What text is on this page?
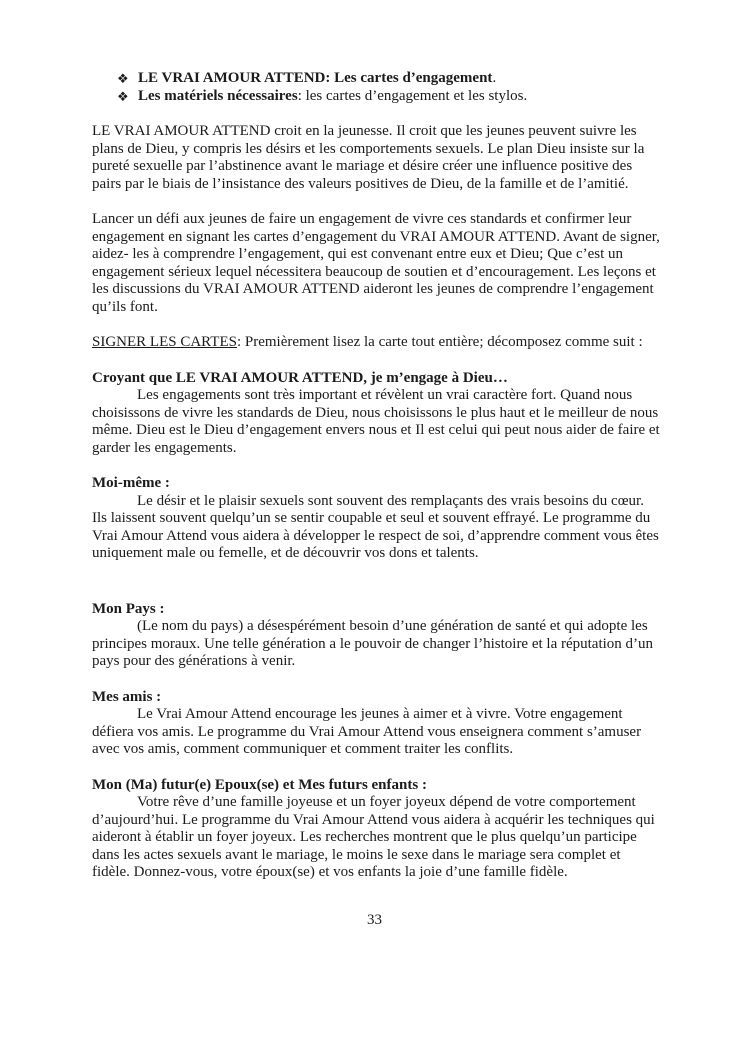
❖ LE VRAI AMOUR ATTEND: Les cartes d’engagement.
❖ Les matériels nécessaires: les cartes d’engagement et les stylos.

LE VRAI AMOUR ATTEND croit en la jeunesse. Il croit que les jeunes peuvent suivre les plans de Dieu, y compris les désirs et les comportements sexuels. Le plan Dieu insiste sur la pureté sexuelle par l’abstinence avant le mariage et désire créer une influence positive des pairs par le biais de l’insistance des valeurs positives de Dieu, de la famille et de l’amitié.

Lancer un défi aux jeunes de faire un engagement de vivre ces standards et confirmer leur engagement en signant les cartes d’engagement du VRAI AMOUR ATTEND. Avant de signer, aidez- les à comprendre l’engagement, qui est convenant entre eux et Dieu; Que c’est un engagement sérieux lequel nécessitera beaucoup de soutien et d’encouragement. Les leçons et les discussions du VRAI AMOUR ATTEND aideront les jeunes de comprendre l’engagement qu’ils font.

SIGNER LES CARTES: Premièrement lisez la carte tout entière; décomposez comme suit :

Croyant que LE VRAI AMOUR ATTEND, je m’engage à Dieu…

Les engagements sont très important et révèlent un vrai caractère fort. Quand nous choisissons de vivre les standards de Dieu, nous choisissons le plus haut et le meilleur de nous même. Dieu est le Dieu d’engagement envers nous et Il est celui qui peut nous aider de faire et garder les engagements.

Moi-même :

Le désir et le plaisir sexuels sont souvent des remplaçants des vrais besoins du cœur. Ils laissent souvent quelqu’un se sentir coupable et seul et souvent effrayé. Le programme du Vrai Amour Attend vous aidera à développer le respect de soi, d’apprendre comment vous êtes uniquement male ou femelle, et de découvrir vos dons et talents.

Mon Pays :

(Le nom du pays) a désespérément besoin d’une génération de santé et qui adopte les principes moraux. Une telle génération a le pouvoir de changer l’histoire et la réputation d’un pays pour des générations à venir.

Mes amis :

Le Vrai Amour Attend encourage les jeunes à aimer et à vivre. Votre engagement défiera vos amis. Le programme du Vrai Amour Attend vous enseignera comment s’amuser avec vos amis, comment communiquer et comment traiter les conflits.

Mon (Ma) futur(e) Epoux(se) et Mes futurs enfants :

Votre rêve d’une famille joyeuse et un foyer joyeux dépend de votre comportement d’aujourd’hui. Le programme du Vrai Amour Attend vous aidera à acquérir les techniques qui aideront à établir un foyer joyeux. Les recherches montrent que le plus quelqu’un participe dans les actes sexuels avant le mariage, le moins le sexe dans le mariage sera complet et fidèle. Donnez-vous, votre époux(se) et vos enfants la joie d’une famille fidèle.

33
